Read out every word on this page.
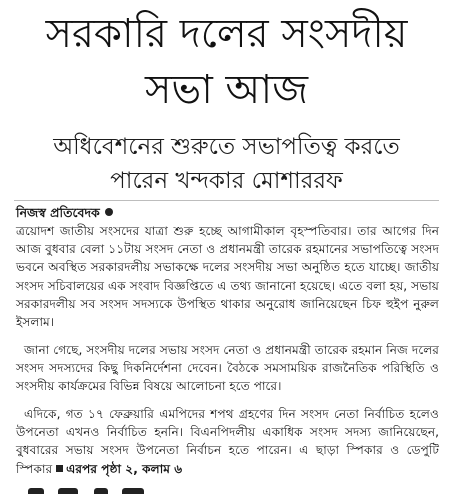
সরকারি দলের সংসদীয়
সভা আজ
অধিবেশনের শুরুতে সভাপতিত্ব করতে
পারেন খন্দকার মোশাররফ
নিজস্ব প্রতিবেদক

ত্রয়োদশ জাতীয় সংসদের যাত্রা শুরু হচ্ছে আগামীকাল বৃহস্পতিবার। তার আগের দিন আজ বুধবার বেলা ১১টায় সংসদ নেতা ও প্রধানমন্ত্রী তারেক রহমানের সভাপতিত্বে সংসদ ভবনে অবস্থিত সরকারদলীয় সভাকক্ষে দলের সংসদীয় সভা অনুষ্ঠিত হতে যাচ্ছে। জাতীয় সংসদ সচিবালয়ের এক সংবাদ বিজ্ঞপ্তিতে এ তথ্য জানানো হয়েছে। এতে বলা হয়, সভায় সরকারদলীয় সব সংসদ সদস্যকে উপস্থিত থাকার অনুরোধ জানিয়েছেন চিফ হুইপ নুরুল ইসলাম।

জানা গেছে, সংসদীয় দলের সভায় সংসদ নেতা ও প্রধানমন্ত্রী তারেক রহমান নিজ দলের সংসদ সদস্যদের কিছু দিকনির্দেশনা দেবেন। বৈঠকে সমসাময়িক রাজনৈতিক পরিস্থিতি ও সংসদীয় কার্যক্রমের বিভিন্ন বিষয়ে আলোচনা হতে পারে।

এদিকে, গত ১৭ ফেব্রুয়ারি এমপিদের শপথ গ্রহণের দিন সংসদ নেতা নির্বাচিত হলেও উপনেতা এখনও নির্বাচিত হননি। বিএনপিদলীয় একাধিক সংসদ সদস্য জানিয়েছেন, বুধবারের সভায় সংসদ উপনেতা নির্বাচন হতে পারেন। এ ছাড়া স্পিকার ও ডেপুটি স্পিকার এরপর পৃষ্ঠা ২, কলাম ৬
